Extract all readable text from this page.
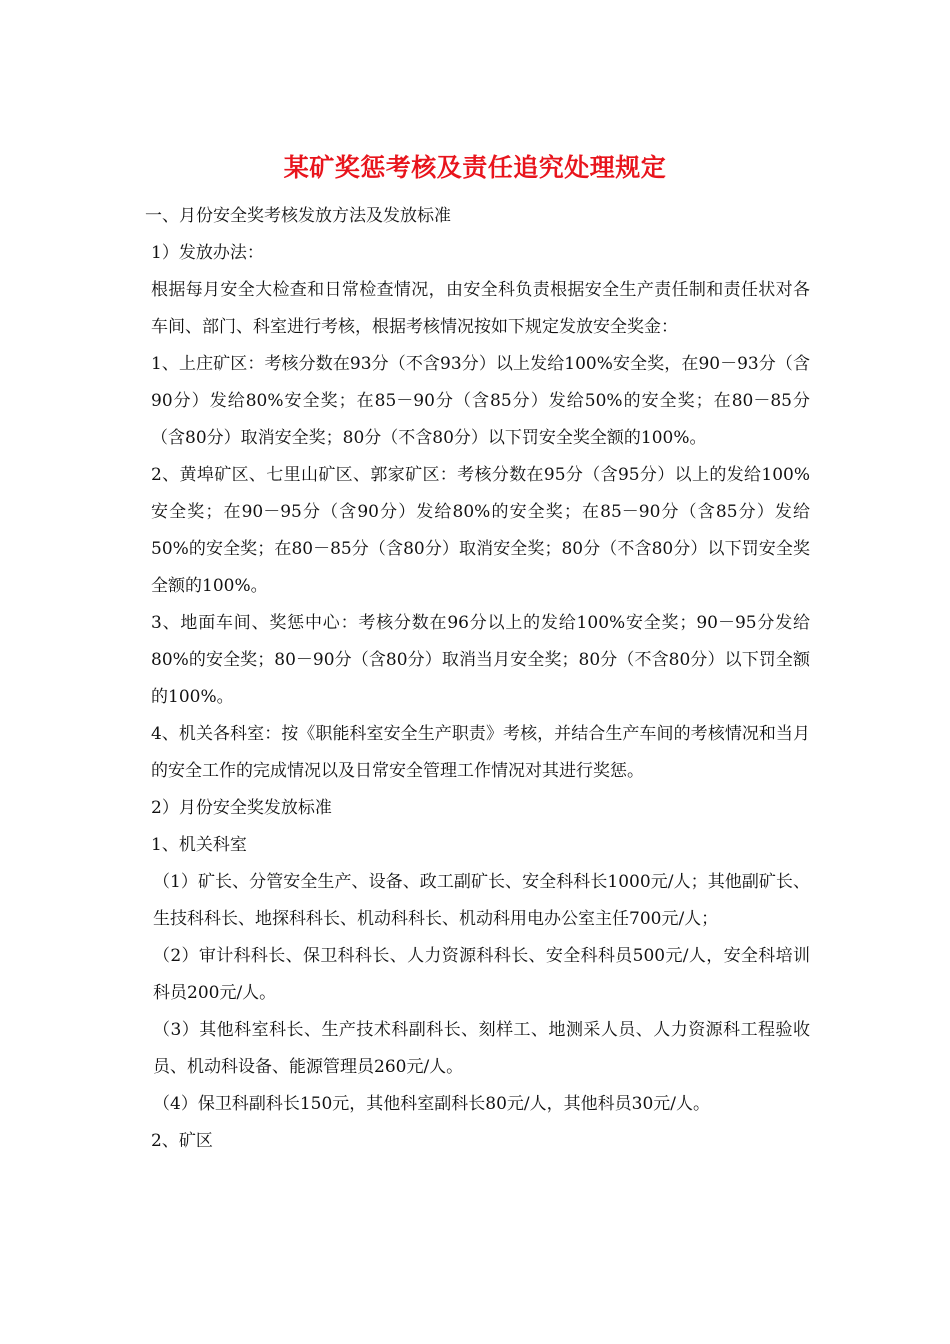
某矿奖惩考核及责任追究处理规定

一、月份安全奖考核发放方法及发放标准

1）发放办法：

根据每月安全大检查和日常检查情况，由安全科负责根据安全生产责任制和责任状对各车间、部门、科室进行考核，根据考核情况按如下规定发放安全奖金：

1、上庄矿区：考核分数在93分（不含93分）以上发给100%安全奖，在90－93分（含90分）发给80%安全奖；在85－90分（含85分）发给50%的安全奖；在80－85分（含80分）取消安全奖；80分（不含80分）以下罚安全奖全额的100%。

2、黄埠矿区、七里山矿区、郭家矿区：考核分数在95分（含95分）以上的发给100%安全奖；在90－95分（含90分）发给80%的安全奖；在85－90分（含85分）发给50%的安全奖；在80－85分（含80分）取消安全奖；80分（不含80分）以下罚安全奖全额的100%。

3、地面车间、奖惩中心：考核分数在96分以上的发给100%安全奖；90－95分发给80%的安全奖；80－90分（含80分）取消当月安全奖；80分（不含80分）以下罚全额的100%。

4、机关各科室：按《职能科室安全生产职责》考核，并结合生产车间的考核情况和当月的安全工作的完成情况以及日常安全管理工作情况对其进行奖惩。

2）月份安全奖发放标准

1、机关科室

（1）矿长、分管安全生产、设备、政工副矿长、安全科科长1000元/人；其他副矿长、生技科科长、地探科科长、机动科科长、机动科用电办公室主任700元/人；

（2）审计科科长、保卫科科长、人力资源科科长、安全科科员500元/人，安全科培训科员200元/人。

（3）其他科室科长、生产技术科副科长、刻样工、地测采人员、人力资源科工程验收员、机动科设备、能源管理员260元/人。

（4）保卫科副科长150元，其他科室副科长80元/人，其他科员30元/人。

2、矿区
